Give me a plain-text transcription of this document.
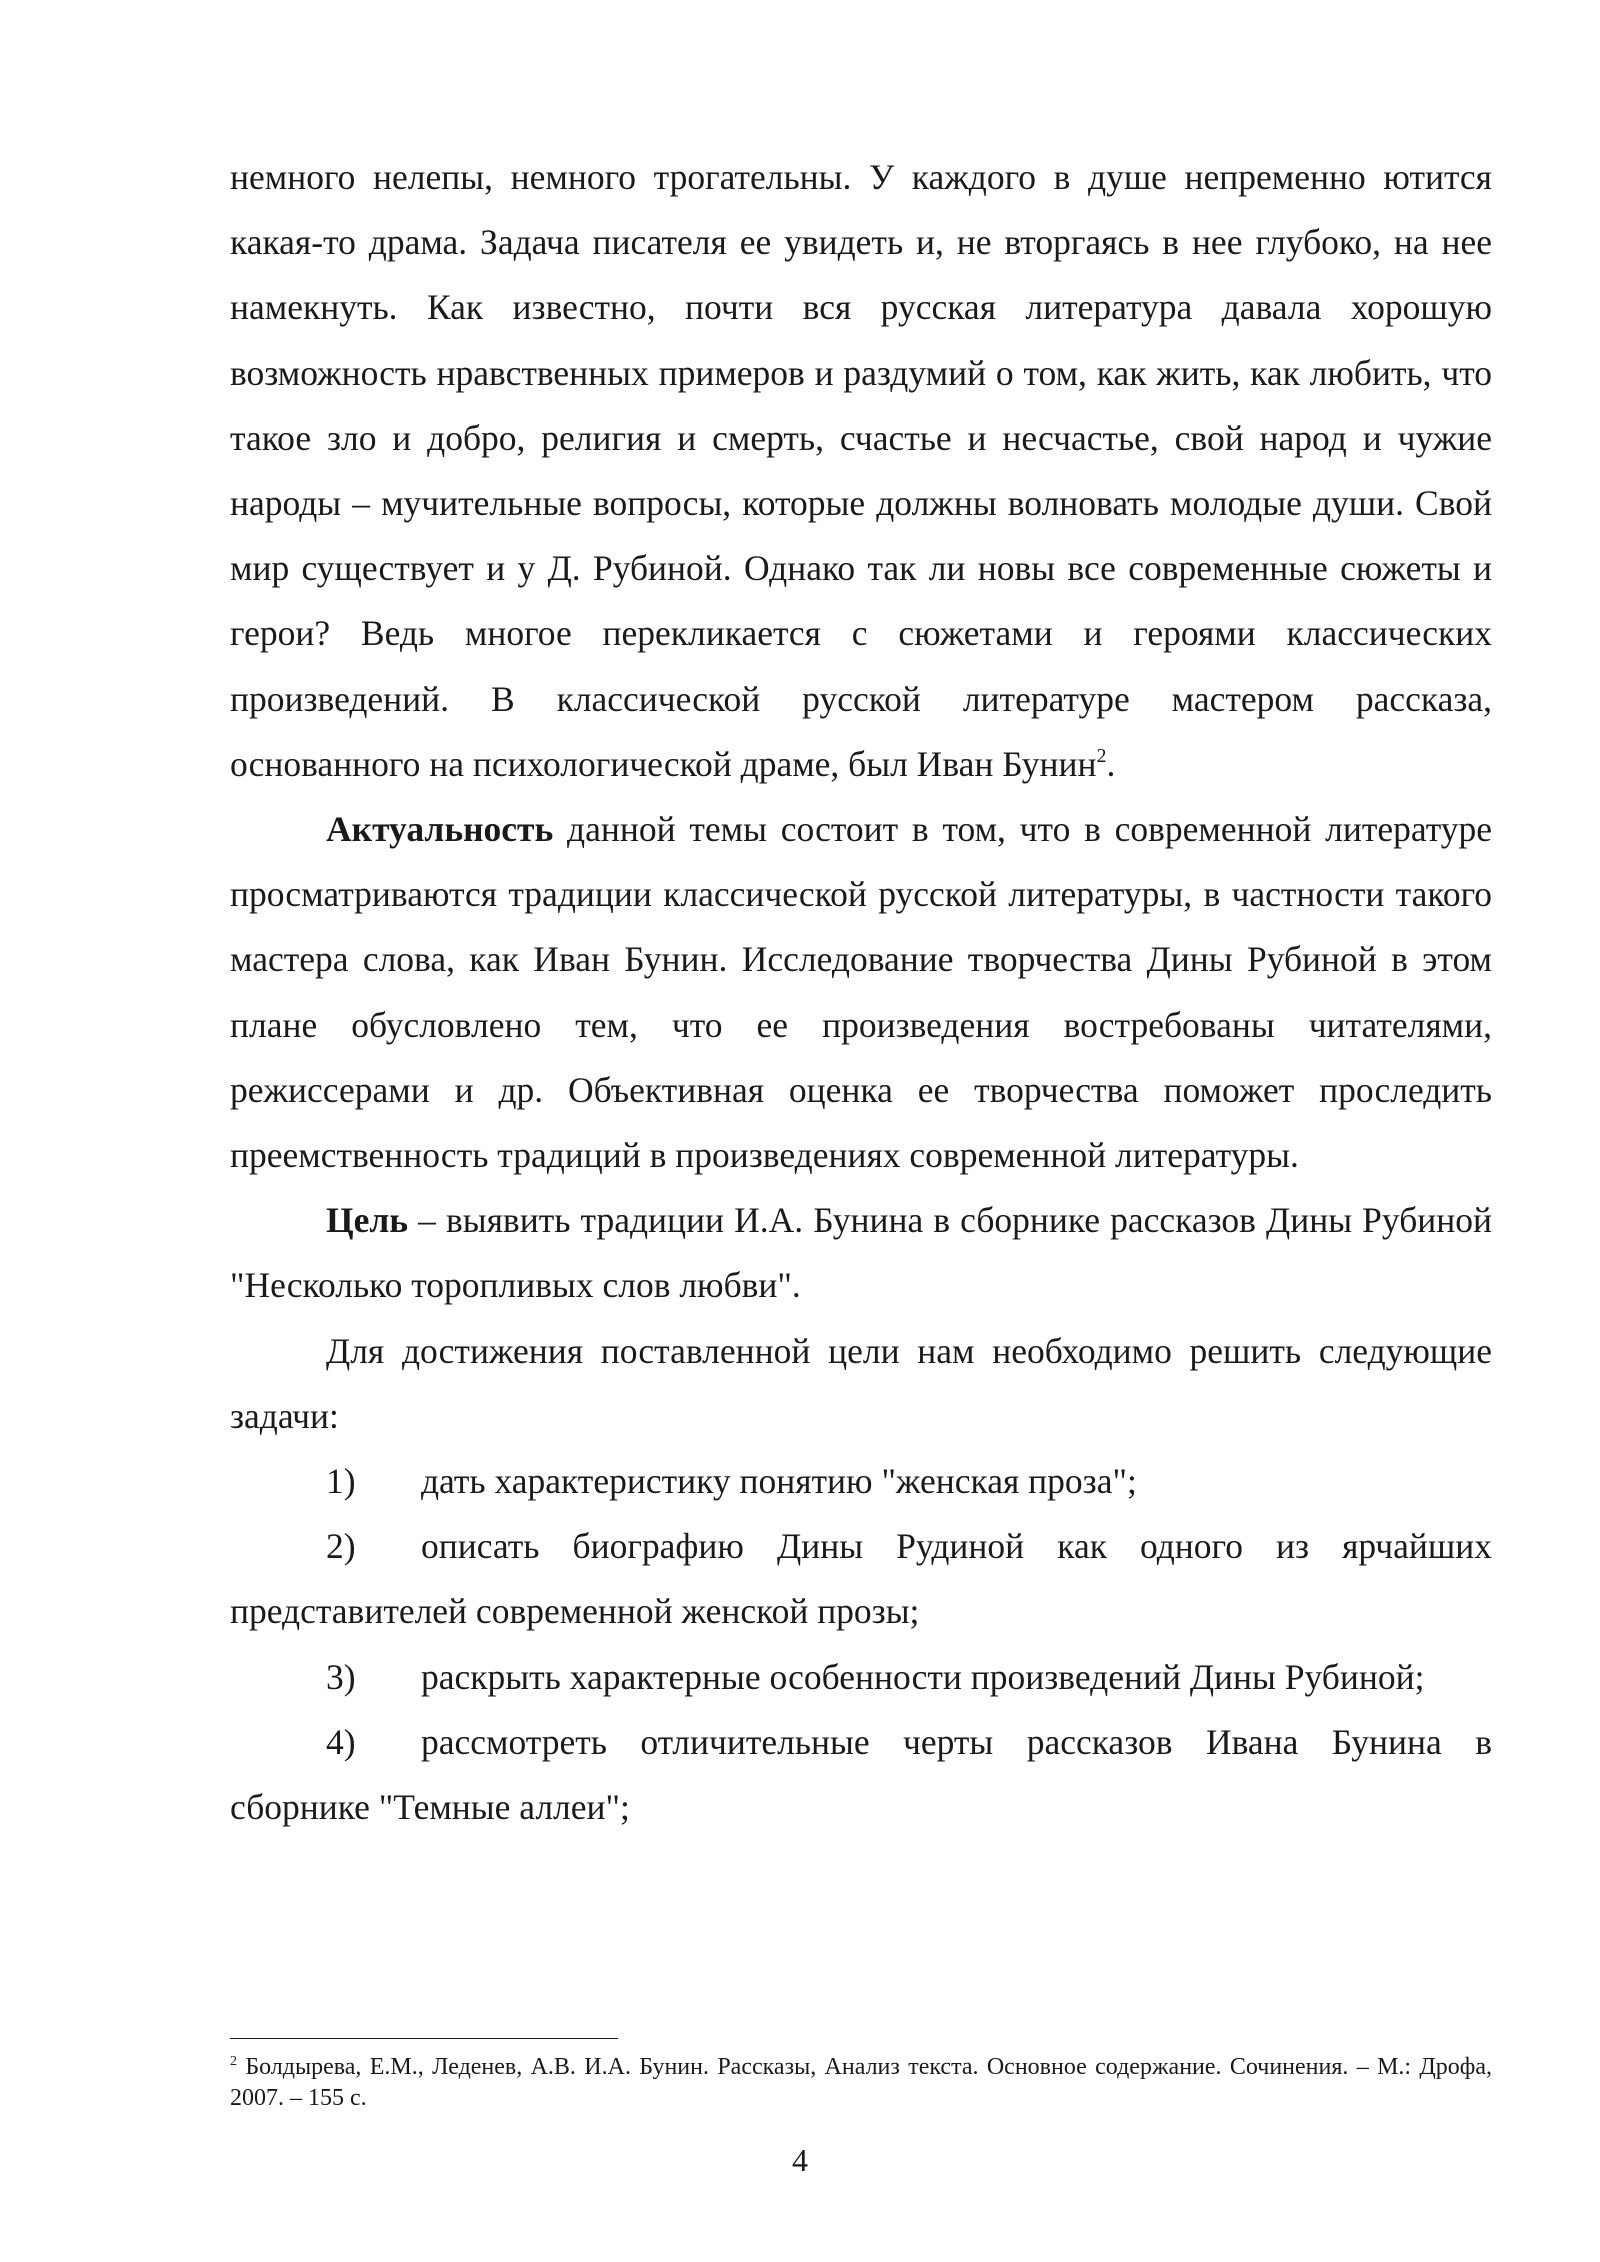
немного нелепы, немного трогательны. У каждого в душе непременно ютится какая-то драма. Задача писателя ее увидеть и, не вторгаясь в нее глубоко, на нее намекнуть. Как известно, почти вся русская литература давала хорошую возможность нравственных примеров и раздумий о том, как жить, как любить, что такое зло и добро, религия и смерть, счастье и несчастье, свой народ и чужие народы – мучительные вопросы, которые должны волновать молодые души. Свой мир существует и у Д. Рубиной. Однако так ли новы все современные сюжеты и герои? Ведь многое перекликается с сюжетами и героями классических произведений. В классической русской литературе мастером рассказа, основанного на психологической драме, был Иван Бунин$^2$.

Актуальность данной темы состоит в том, что в современной литературе просматриваются традиции классической русской литературы, в частности такого мастера слова, как Иван Бунин. Исследование творчества Дины Рубиной в этом плане обусловлено тем, что ее произведения востребованы читателями, режиссерами и др. Объективная оценка ее творчества поможет проследить преемственность традиций в произведениях современной литературы.

Цель – выявить традиции И.А. Бунина в сборнике рассказов Дины Рубиной "Несколько торопливых слов любви".

Для достижения поставленной цели нам необходимо решить следующие задачи:

1) дать характеристику понятию "женская проза";

2) описать биографию Дины Рудиной как одного из ярчайших представителей современной женской прозы;

3) раскрыть характерные особенности произведений Дины Рубиной;

4) рассмотреть отличительные черты рассказов Ивана Бунина в сборнике "Темные аллеи";

$^2$ Болдырева, Е.М., Леденев, А.В. И.А. Бунин. Рассказы, Анализ текста. Основное содержание. Сочинения. – М.: Дрофа, 2007. – 155 с.

4
